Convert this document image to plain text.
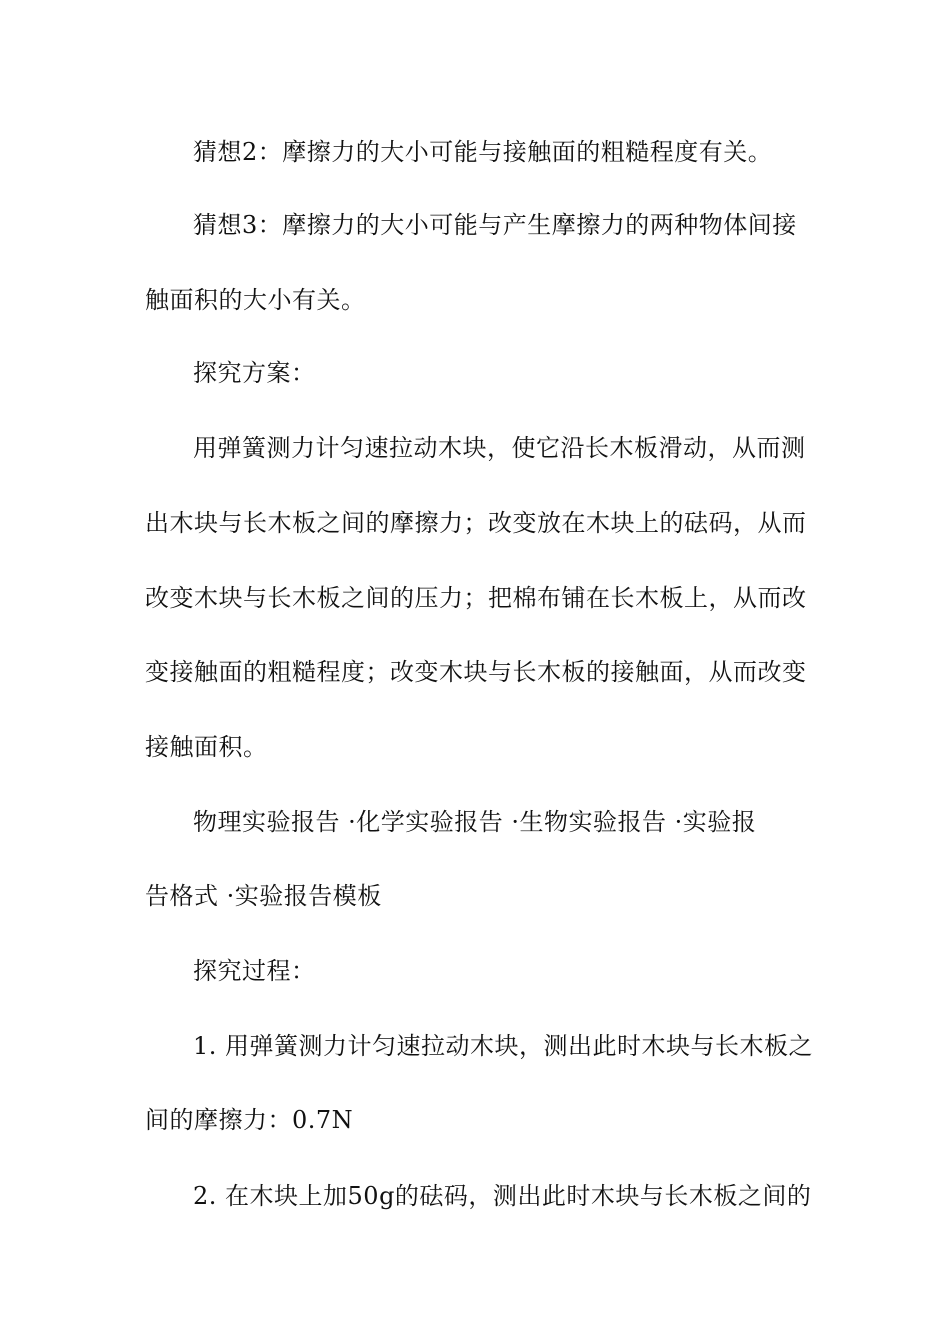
猜想2：摩擦力的大小可能与接触面的粗糙程度有关。
猜想3：摩擦力的大小可能与产生摩擦力的两种物体间接
触面积的大小有关。
探究方案：
用弹簧测力计匀速拉动木块，使它沿长木板滑动，从而测
出木块与长木板之间的摩擦力；改变放在木块上的砝码，从而
改变木块与长木板之间的压力；把棉布铺在长木板上，从而改
变接触面的粗糙程度；改变木块与长木板的接触面，从而改变
接触面积。
物理实验报告 ·化学实验报告 ·生物实验报告 ·实验报
告格式 ·实验报告模板
探究过程：
1. 用弹簧测力计匀速拉动木块，测出此时木块与长木板之
间的摩擦力：0.7N
2. 在木块上加50g的砝码，测出此时木块与长木板之间的
